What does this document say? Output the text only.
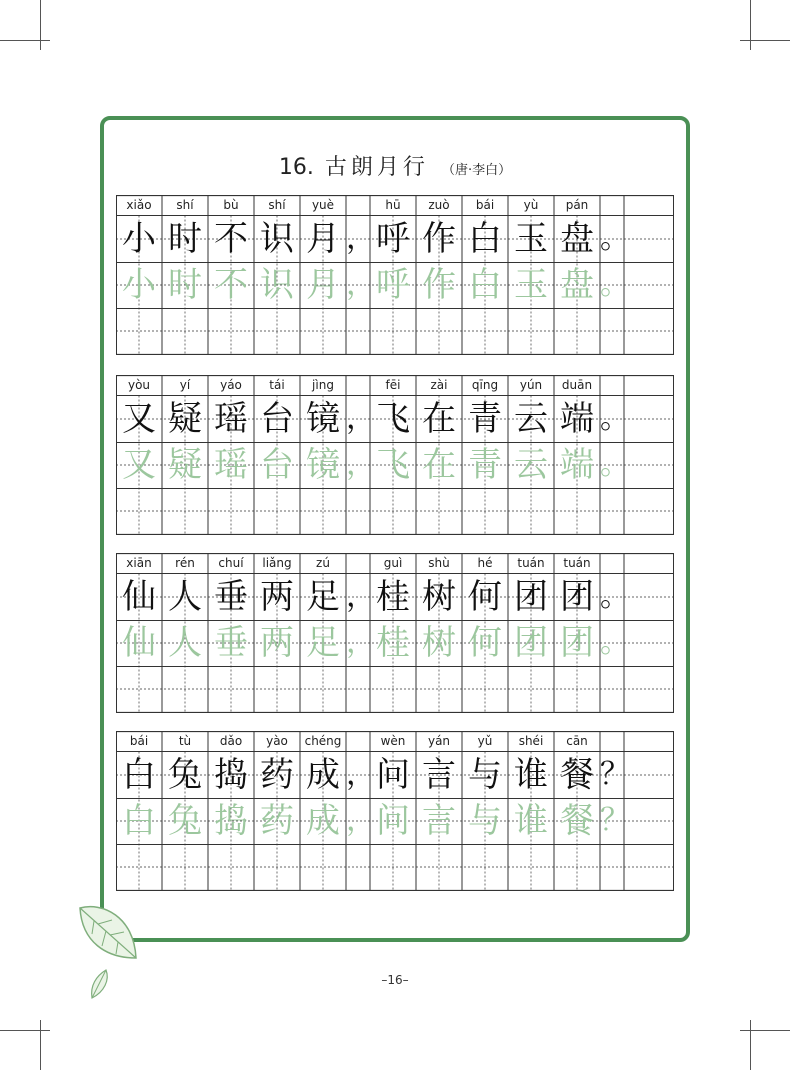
16. 古朗月行 （唐·李白）
xiǎo
小
小
shí
时
时
bù
不
不
shí
识
识
yuè
月
月
hū
呼
呼
zuò
作
作
bái
白
白
yù
玉
玉
pán
盘
盘
，
，
。
。
yòu
又
又
yí
疑
疑
yáo
瑶
瑶
tái
台
台
jìng
镜
镜
fēi
飞
飞
zài
在
在
qīng
青
青
yún
云
云
duān
端
端
，
，
。
。
xiān
仙
仙
rén
人
人
chuí
垂
垂
liǎng
两
两
zú
足
足
guì
桂
桂
shù
树
树
hé
何
何
tuán
团
团
tuán
团
团
，
，
。
。
bái
白
白
tù
兔
兔
dǎo
捣
捣
yào
药
药
chéng
成
成
wèn
问
问
yán
言
言
yǔ
与
与
shéi
谁
谁
cān
餐
餐
，
，
？
？
–16–
